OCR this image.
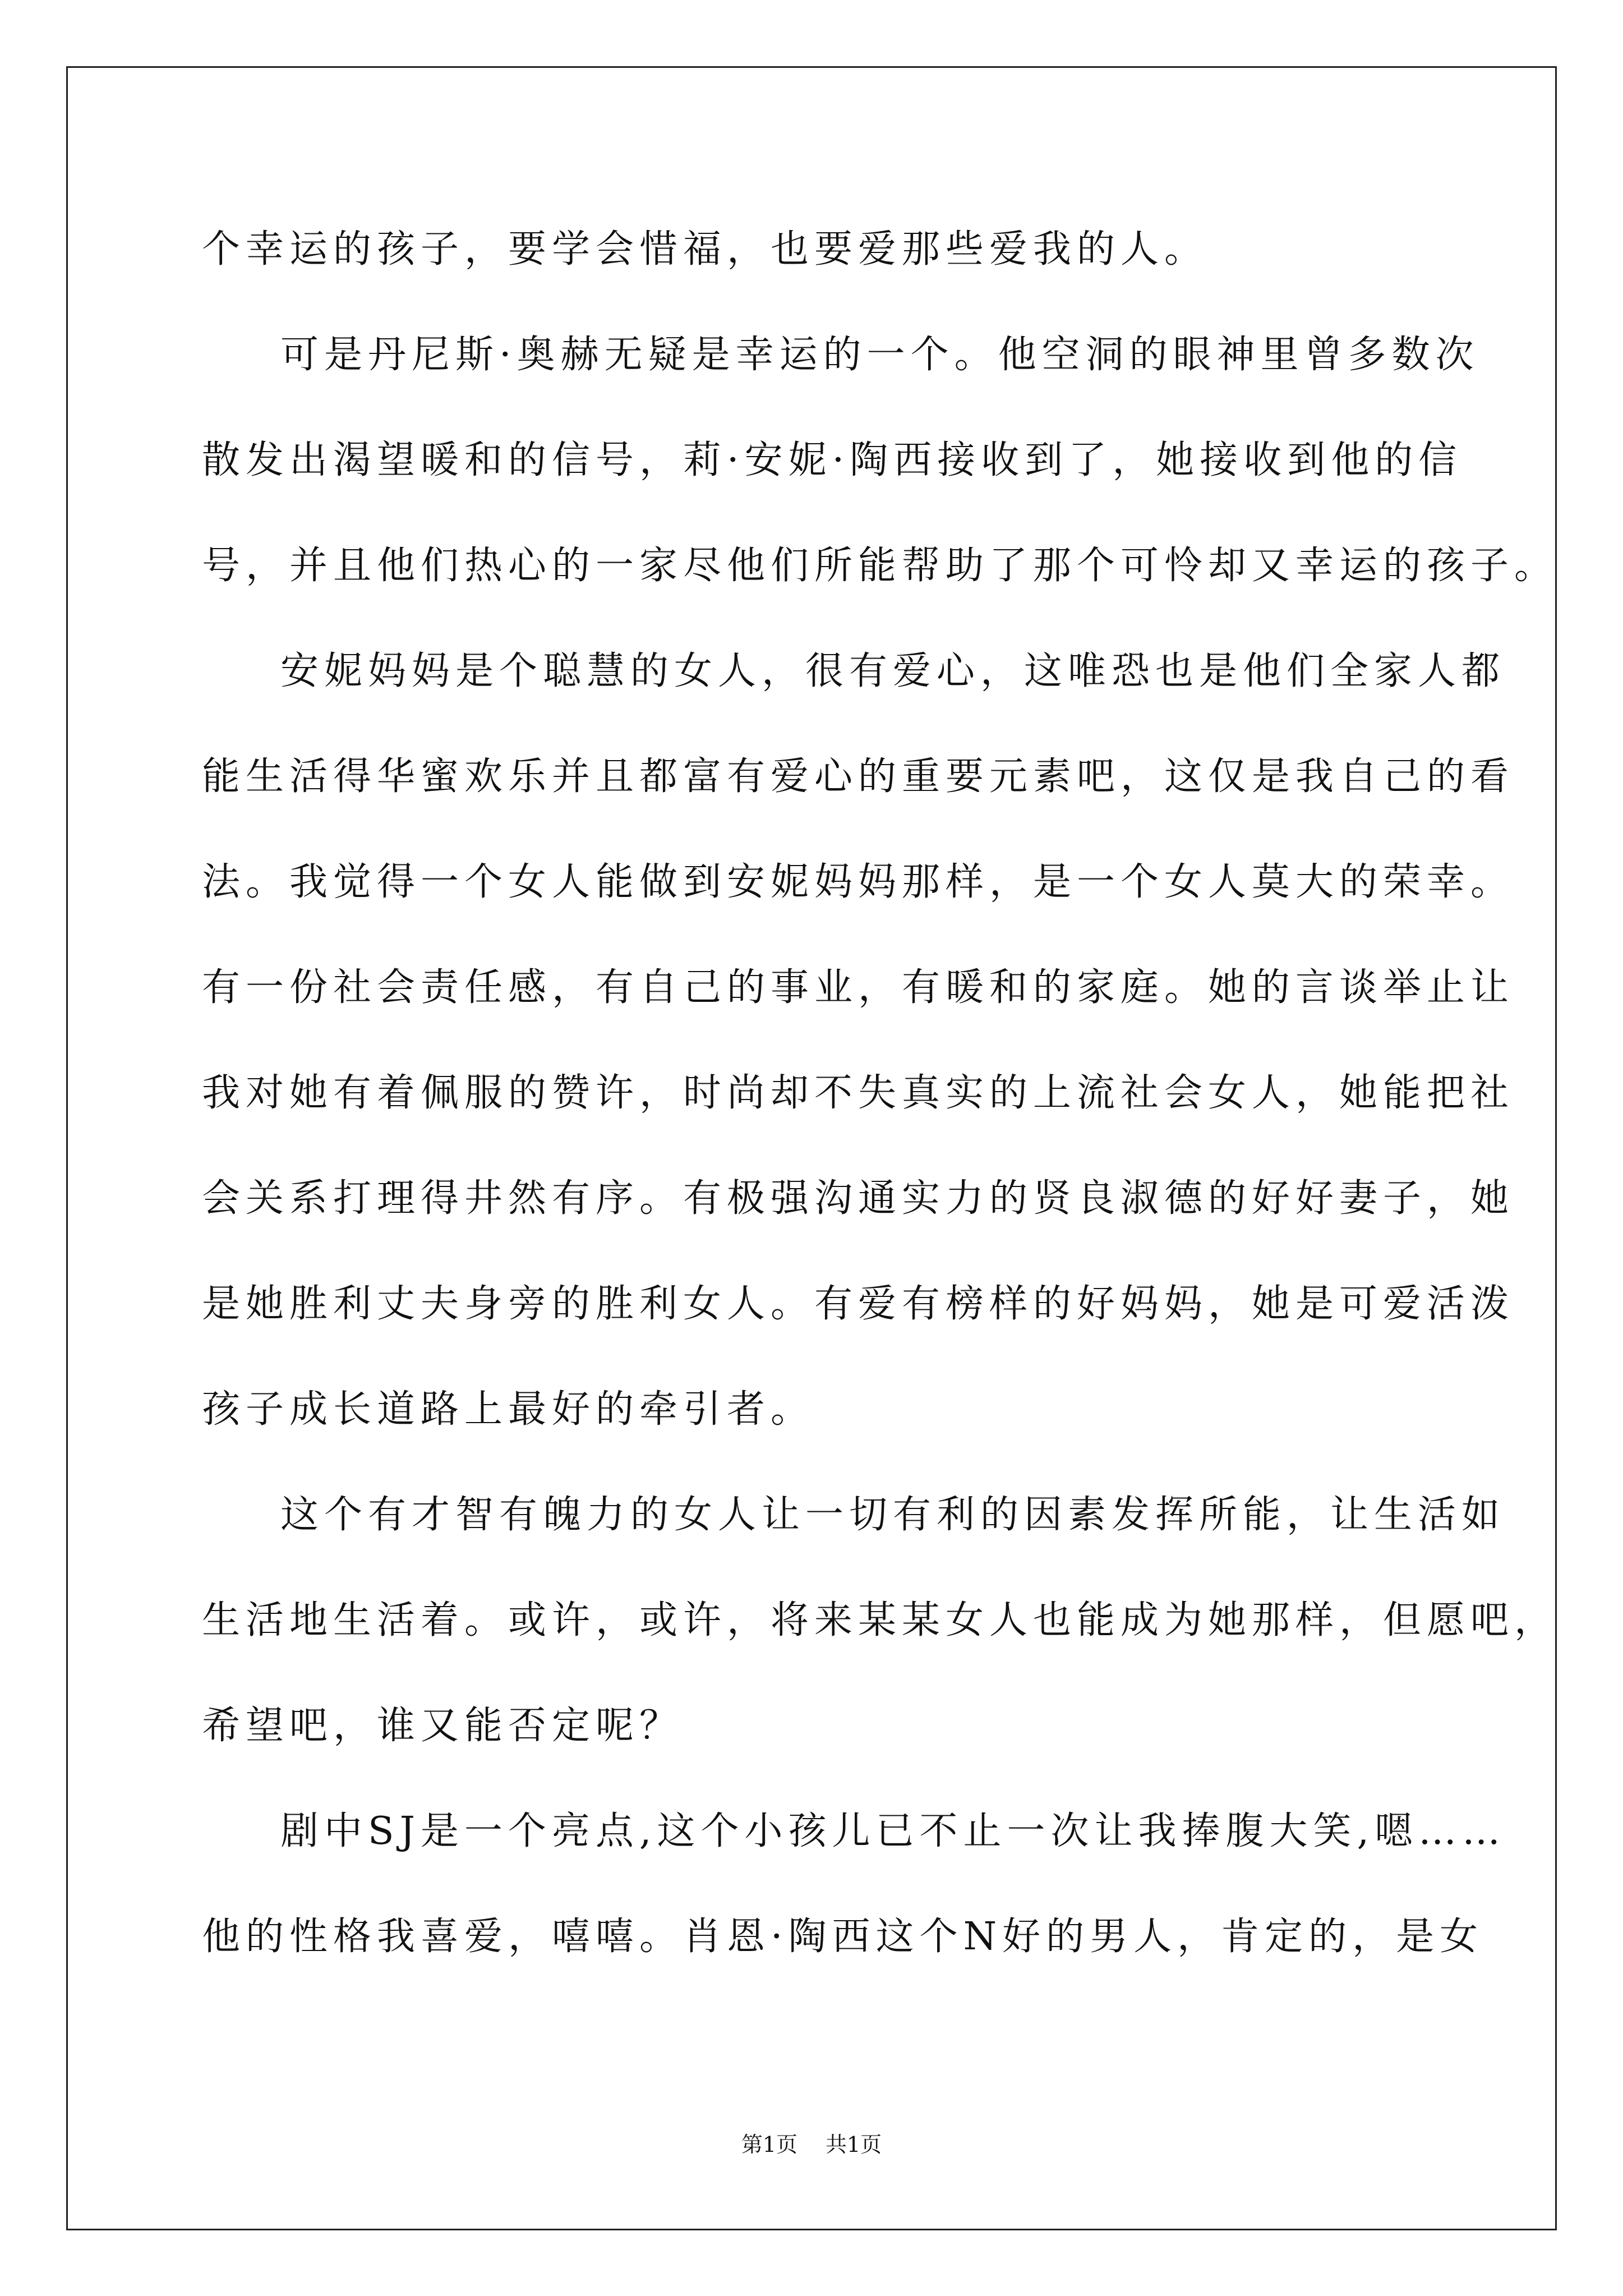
个幸运的孩子，要学会惜福，也要爱那些爱我的人。
可是丹尼斯·奥赫无疑是幸运的一个。他空洞的眼神里曾多数次
散发出渴望暖和的信号，莉·安妮·陶西接收到了，她接收到他的信
号，并且他们热心的一家尽他们所能帮助了那个可怜却又幸运的孩子。
安妮妈妈是个聪慧的女人，很有爱心，这唯恐也是他们全家人都
能生活得华蜜欢乐并且都富有爱心的重要元素吧，这仅是我自己的看
法。我觉得一个女人能做到安妮妈妈那样，是一个女人莫大的荣幸。
有一份社会责任感，有自己的事业，有暖和的家庭。她的言谈举止让
我对她有着佩服的赞许，时尚却不失真实的上流社会女人，她能把社
会关系打理得井然有序。有极强沟通实力的贤良淑德的好好妻子，她
是她胜利丈夫身旁的胜利女人。有爱有榜样的好妈妈，她是可爱活泼
孩子成长道路上最好的牵引者。
这个有才智有魄力的女人让一切有利的因素发挥所能，让生活如
生活地生活着。或许，或许，将来某某女人也能成为她那样，但愿吧，
希望吧，谁又能否定呢？
剧中SJ是一个亮点,这个小孩儿已不止一次让我捧腹大笑,嗯……
他的性格我喜爱，嘻嘻。肖恩·陶西这个N好的男人，肯定的，是女
第1页 共1页
